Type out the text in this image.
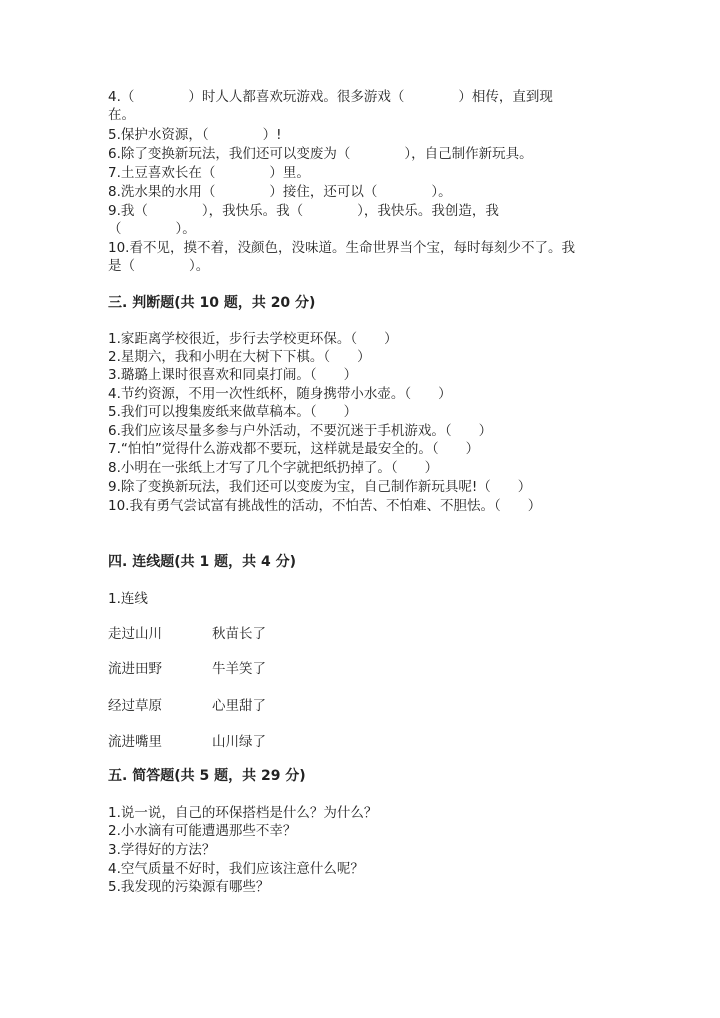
4.（　　　　）时人人都喜欢玩游戏。很多游戏（　　　　）相传，直到现
在。
5.保护水资源，（　　　　）!
6.除了变换新玩法，我们还可以变废为（　　　　），自己制作新玩具。
7.土豆喜欢长在（　　　　）里。
8.洗水果的水用（　　　　）接住，还可以（　　　　）。
9.我（　　　　），我快乐。我（　　　　），我快乐。我创造，我
（　　　　）。
10.看不见，摸不着，没颜色，没味道。生命世界当个宝，每时每刻少不了。我
是（　　　　）。
三. 判断题(共 10 题，共 20 分)
1.家距离学校很近，步行去学校更环保。（　　）
2.星期六，我和小明在大树下下棋。（　　）
3.璐璐上课时很喜欢和同桌打闹。（　　）
4.节约资源，不用一次性纸杯，随身携带小水壶。（　　）
5.我们可以搜集废纸来做草稿本。（　　）
6.我们应该尽量多参与户外活动，不要沉迷于手机游戏。（　　）
7.“怕怕”觉得什么游戏都不要玩，这样就是最安全的。（　　）
8.小明在一张纸上才写了几个字就把纸扔掉了。（　　）
9.除了变换新玩法，我们还可以变废为宝，自己制作新玩具呢!（　　）
10.我有勇气尝试富有挑战性的活动，不怕苦、不怕难、不胆怯。（　　）
四. 连线题(共 1 题，共 4 分)
1.连线
走过山川	秋苗长了
流进田野	牛羊笑了
经过草原	心里甜了
流进嘴里	山川绿了
五. 简答题(共 5 题，共 29 分)
1.说一说，自己的环保搭档是什么？为什么？
2.小水滴有可能遭遇那些不幸？
3.学得好的方法？
4.空气质量不好时，我们应该注意什么呢？
5.我发现的污染源有哪些？
